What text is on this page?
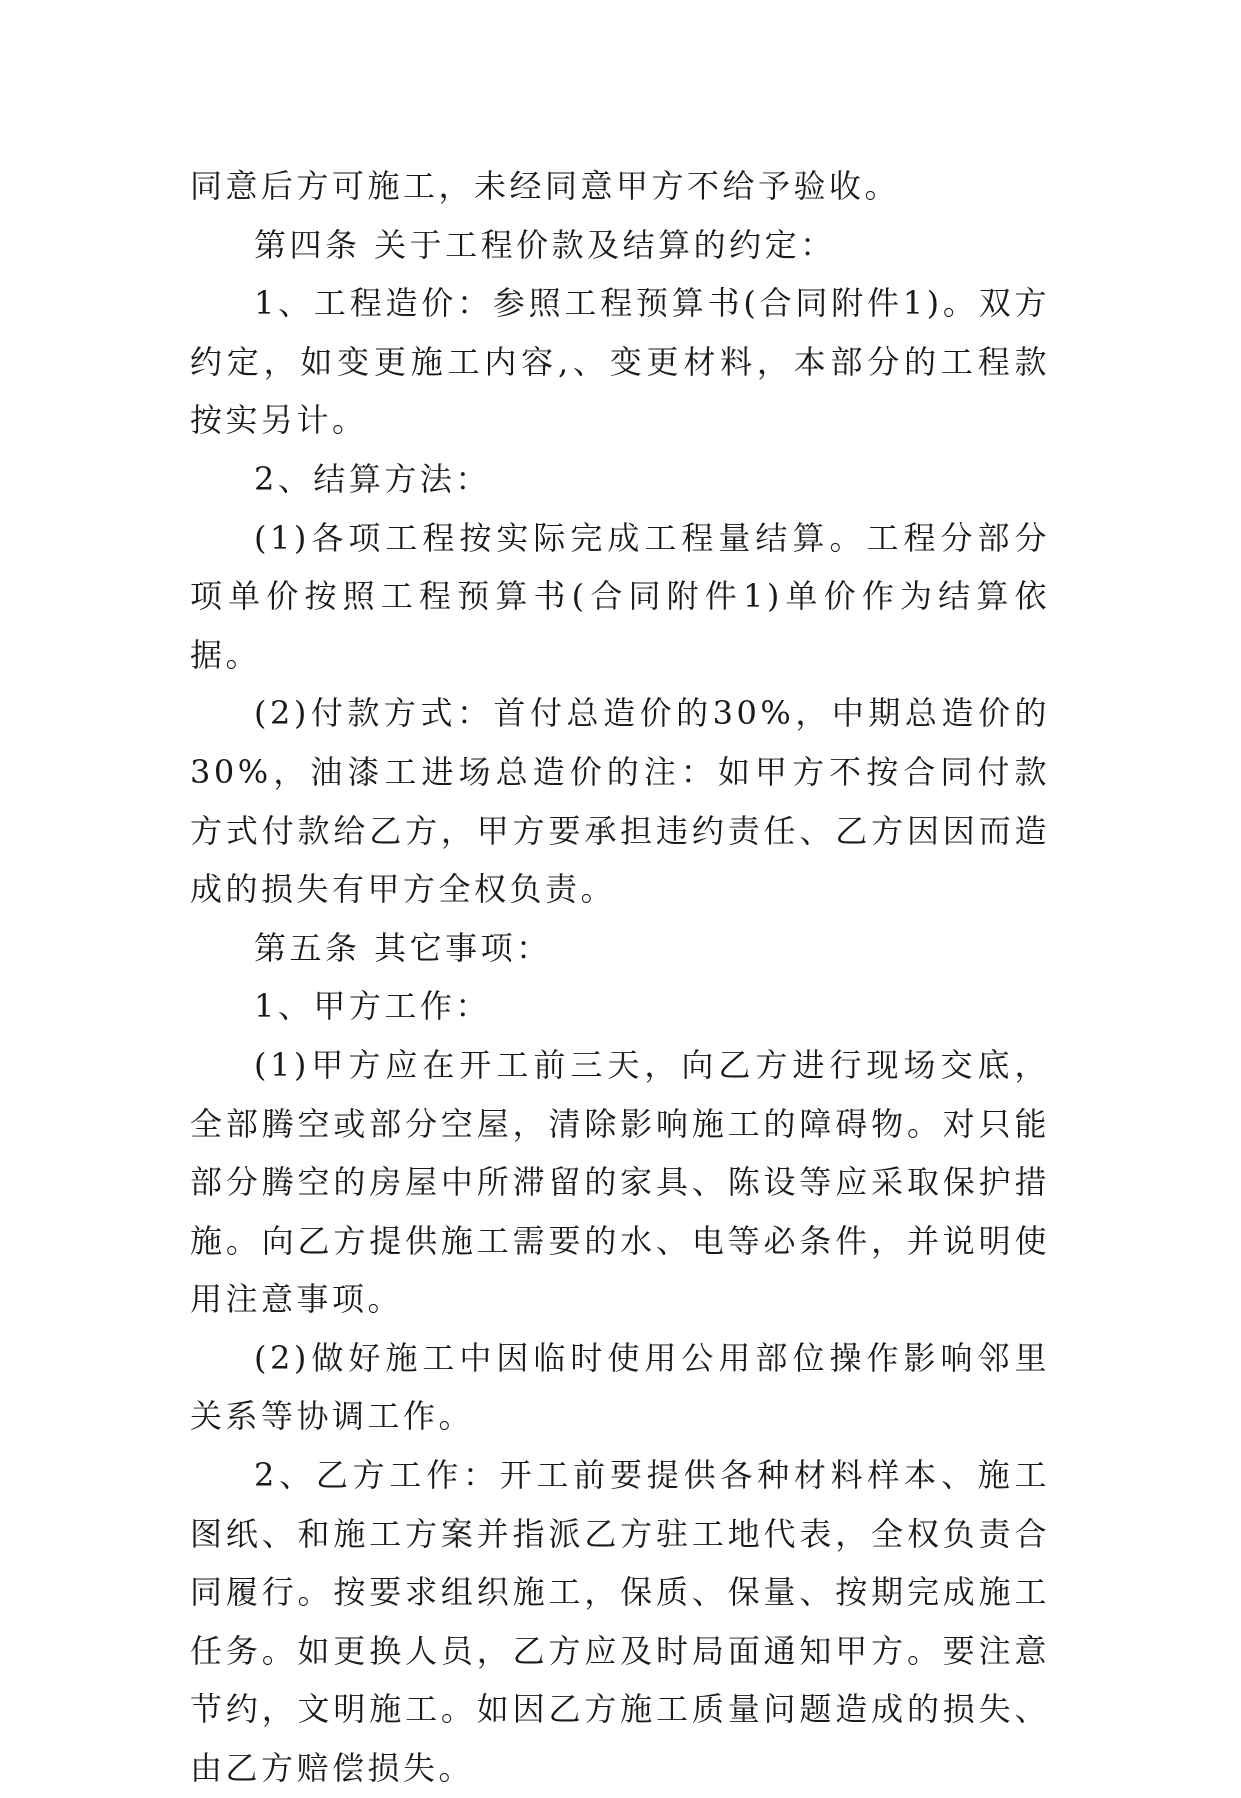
同意后方可施工，未经同意甲方不给予验收。

第四条 关于工程价款及结算的约定：

1、工程造价：参照工程预算书(合同附件1)。双方约定，如变更施工内容,、变更材料，本部分的工程款按实另计。

2、结算方法：

(1)各项工程按实际完成工程量结算。工程分部分项单价按照工程预算书(合同附件1)单价作为结算依据。

(2)付款方式：首付总造价的30%，中期总造价的30%，油漆工进场总造价的注：如甲方不按合同付款方式付款给乙方，甲方要承担违约责任、乙方因因而造成的损失有甲方全权负责。

第五条 其它事项：

1、甲方工作：

(1)甲方应在开工前三天，向乙方进行现场交底，全部腾空或部分空屋，清除影响施工的障碍物。对只能部分腾空的房屋中所滞留的家具、陈设等应采取保护措施。向乙方提供施工需要的水、电等必条件，并说明使用注意事项。

(2)做好施工中因临时使用公用部位操作影响邻里关系等协调工作。

2、乙方工作：开工前要提供各种材料样本、施工图纸、和施工方案并指派乙方驻工地代表，全权负责合同履行。按要求组织施工，保质、保量、按期完成施工任务。如更换人员，乙方应及时局面通知甲方。要注意节约，文明施工。如因乙方施工质量问题造成的损失、由乙方赔偿损失。
